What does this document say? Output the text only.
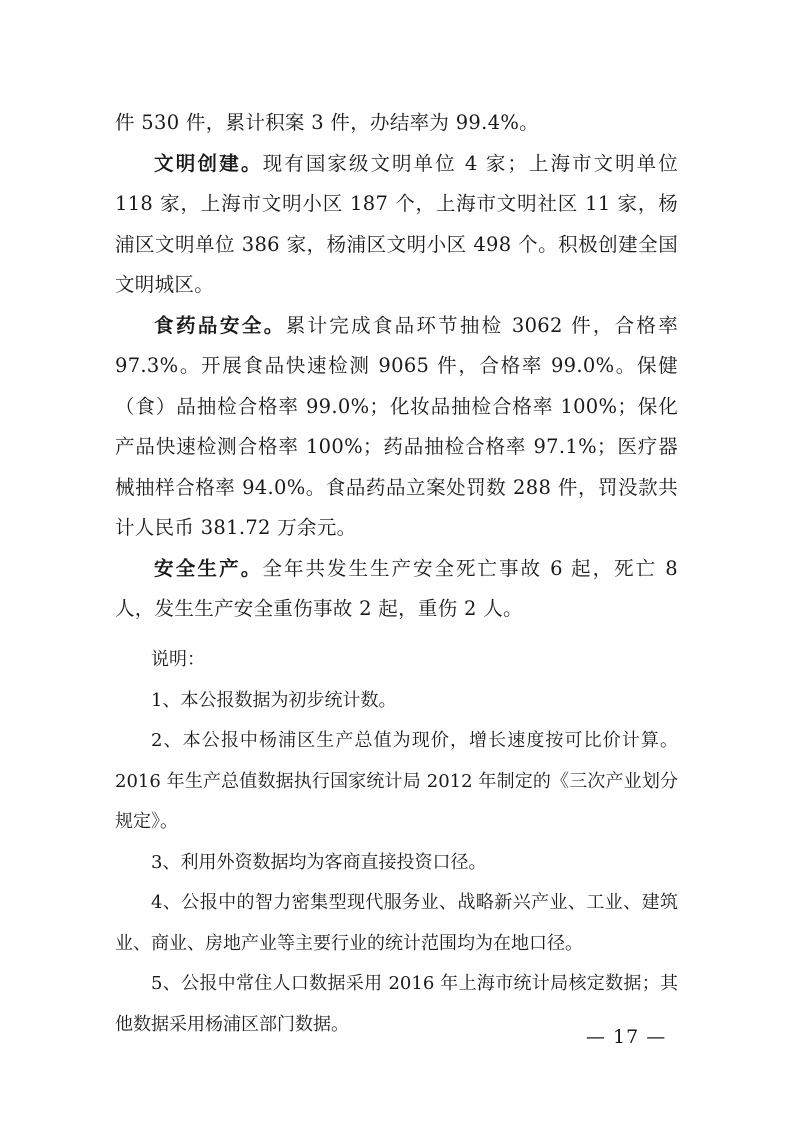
件 530 件，累计积案 3 件，办结率为 99.4%。

文明创建。现有国家级文明单位 4 家；上海市文明单位 118 家，上海市文明小区 187 个，上海市文明社区 11 家，杨浦区文明单位 386 家，杨浦区文明小区 498 个。积极创建全国文明城区。

食药品安全。累计完成食品环节抽检 3062 件，合格率 97.3%。开展食品快速检测 9065 件，合格率 99.0%。保健（食）品抽检合格率 99.0%；化妆品抽检合格率 100%；保化产品快速检测合格率 100%；药品抽检合格率 97.1%；医疗器械抽样合格率 94.0%。食品药品立案处罚数 288 件，罚没款共计人民币 381.72 万余元。

安全生产。全年共发生生产安全死亡事故 6 起，死亡 8 人，发生生产安全重伤事故 2 起，重伤 2 人。

说明：

1、本公报数据为初步统计数。

2、本公报中杨浦区生产总值为现价，增长速度按可比价计算。2016 年生产总值数据执行国家统计局 2012 年制定的《三次产业划分规定》。

3、利用外资数据均为客商直接投资口径。

4、公报中的智力密集型现代服务业、战略新兴产业、工业、建筑业、商业、房地产业等主要行业的统计范围均为在地口径。

5、公报中常住人口数据采用 2016 年上海市统计局核定数据；其他数据采用杨浦区部门数据。

— 17 —
